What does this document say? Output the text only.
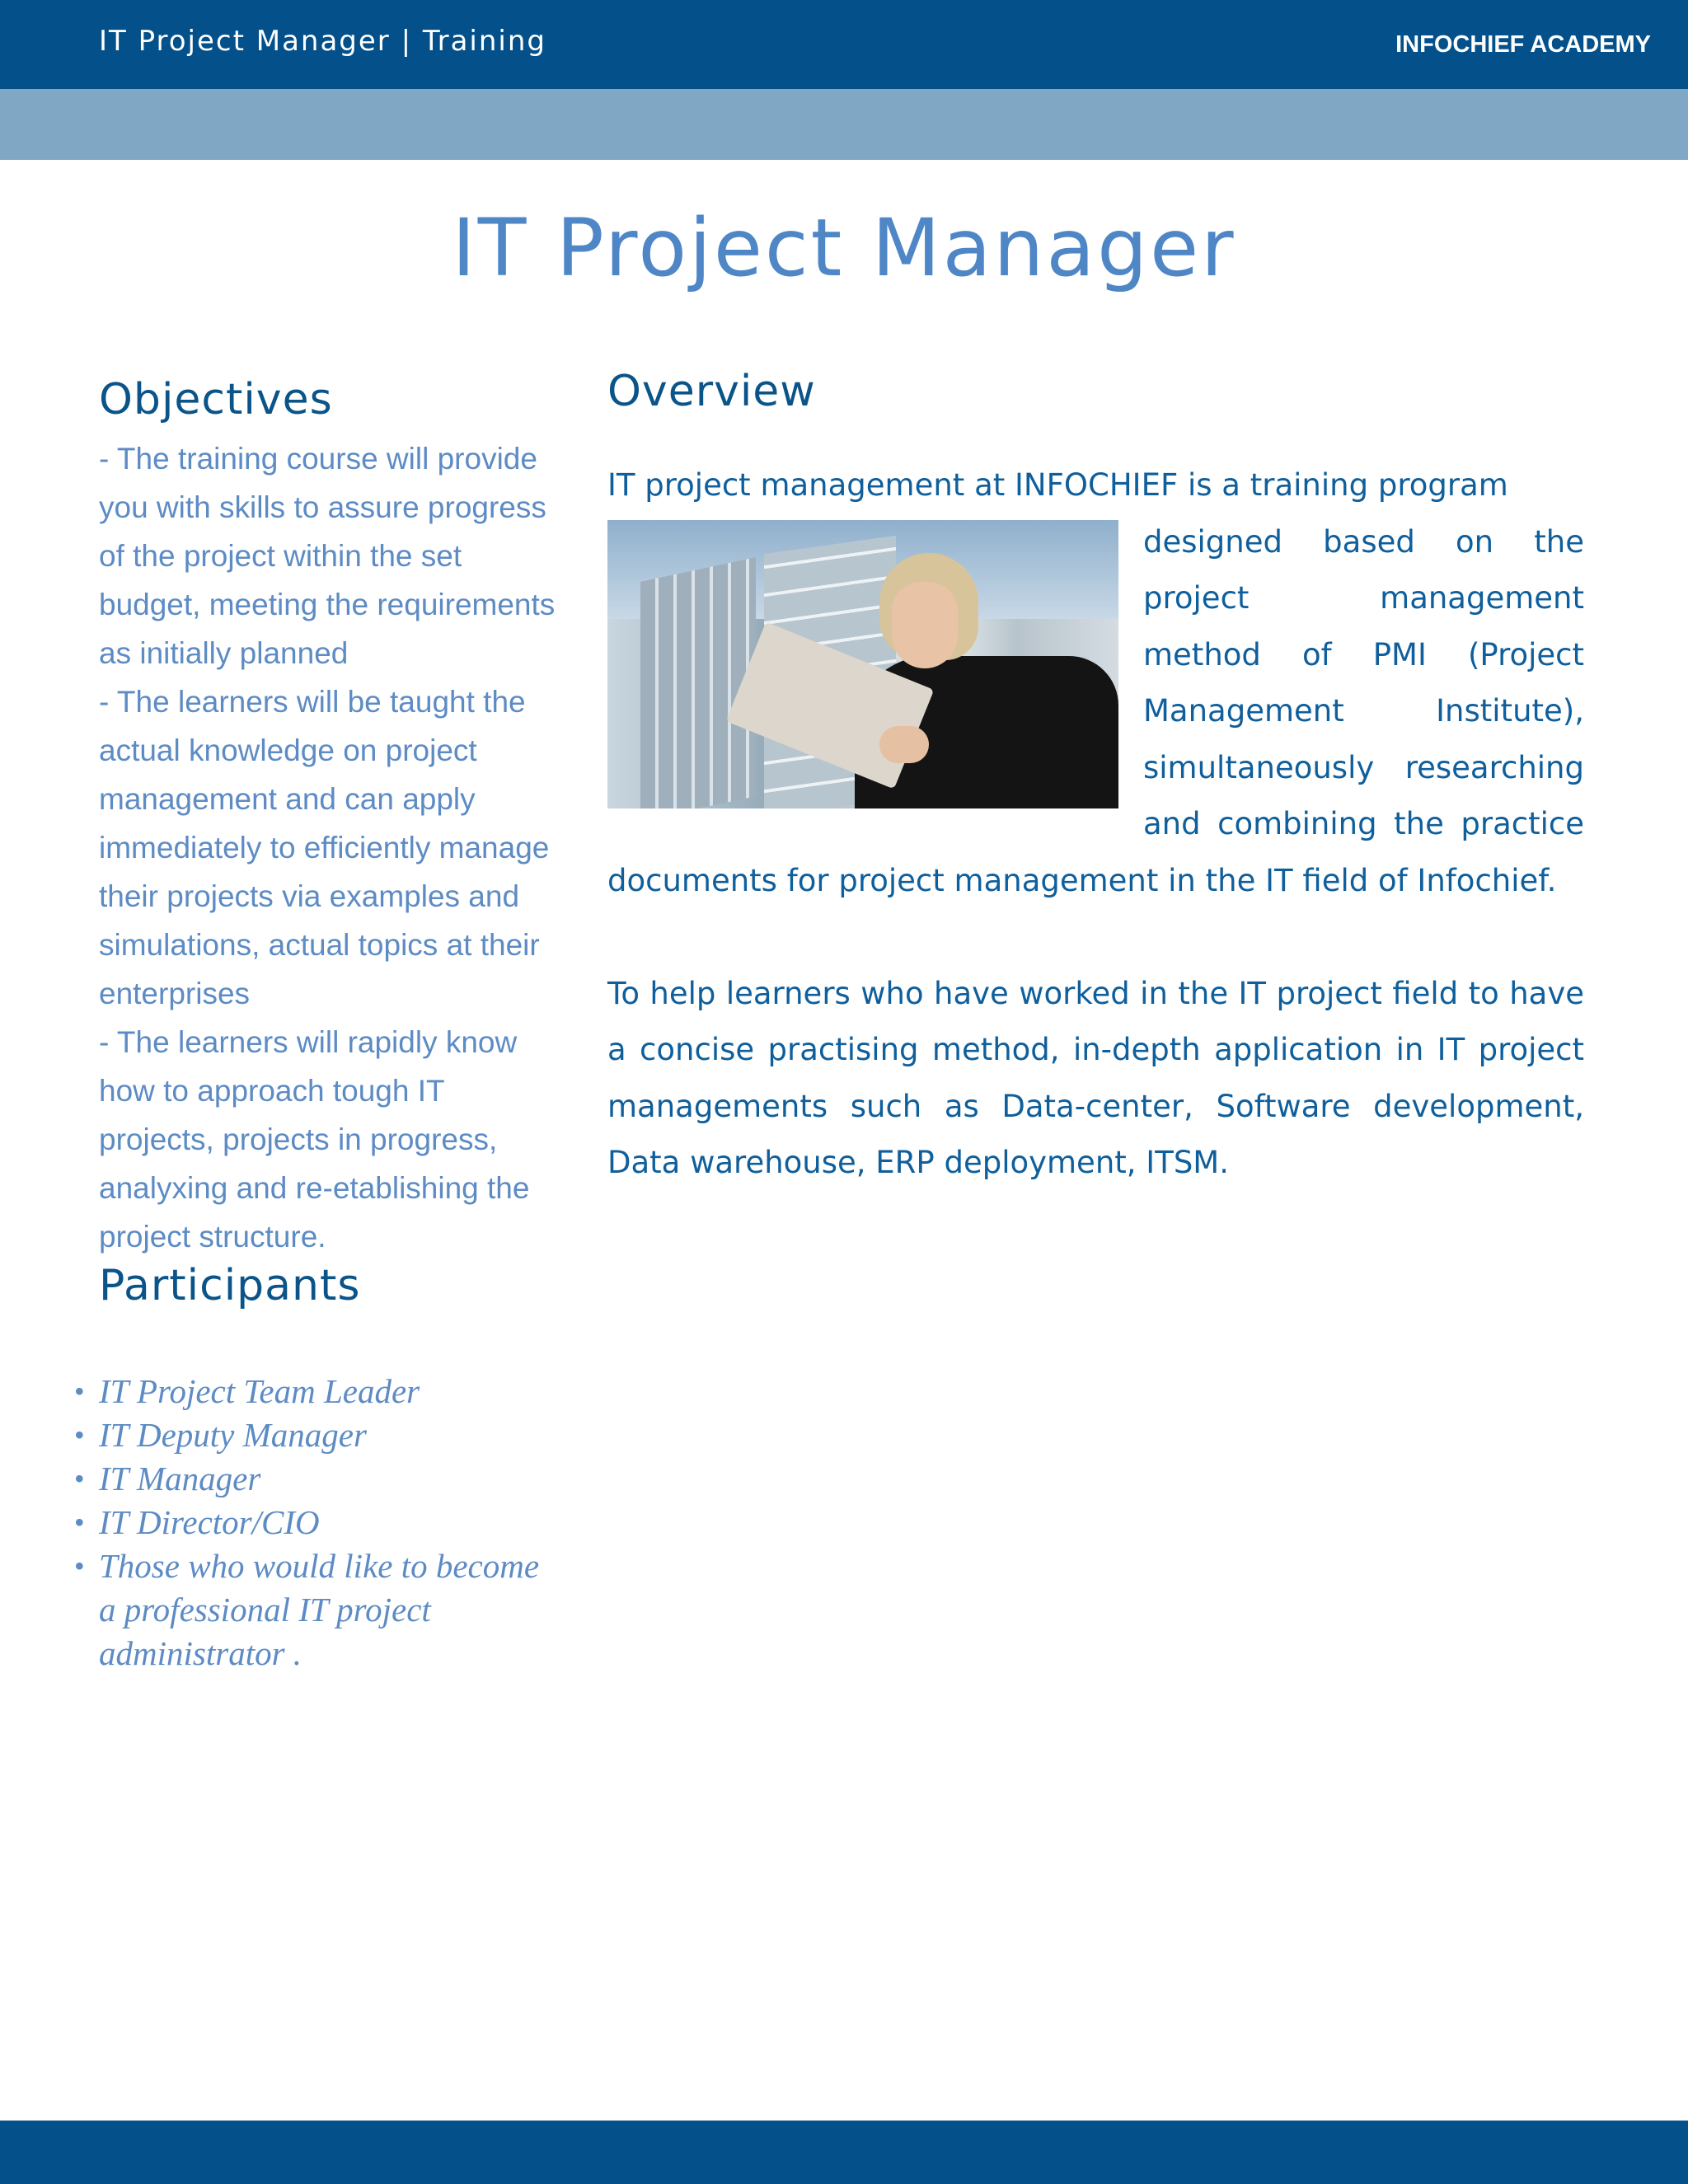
IT Project Manager | Training	INFOCHIEF ACADEMY
IT Project Manager
Objectives
- The training course will provide you with skills to assure progress of the project within the set budget, meeting the requirements as initially planned
- The learners will be taught the actual knowledge on project management and can apply immediately to efficiently manage their projects via examples and simulations, actual topics at their enterprises
- The learners will rapidly know how to approach tough IT projects, projects in progress, analyxing and re-etablishing the project structure.
Participants
• IT Project Team Leader
• IT Deputy Manager
• IT Manager
• IT Director/CIO
• Those who would like to become a professional IT project administrator .
Overview

IT project management at INFOCHIEF is a training program
designed based on the project management method of PMI (Project Management Institute), simultaneously researching and combining the practice documents for project management in the IT field of Infochief.

To help learners who have worked in the IT project field to have a concise practising method, in-depth application in IT project managements such as Data-center, Software development, Data warehouse, ERP deployment, ITSM.
